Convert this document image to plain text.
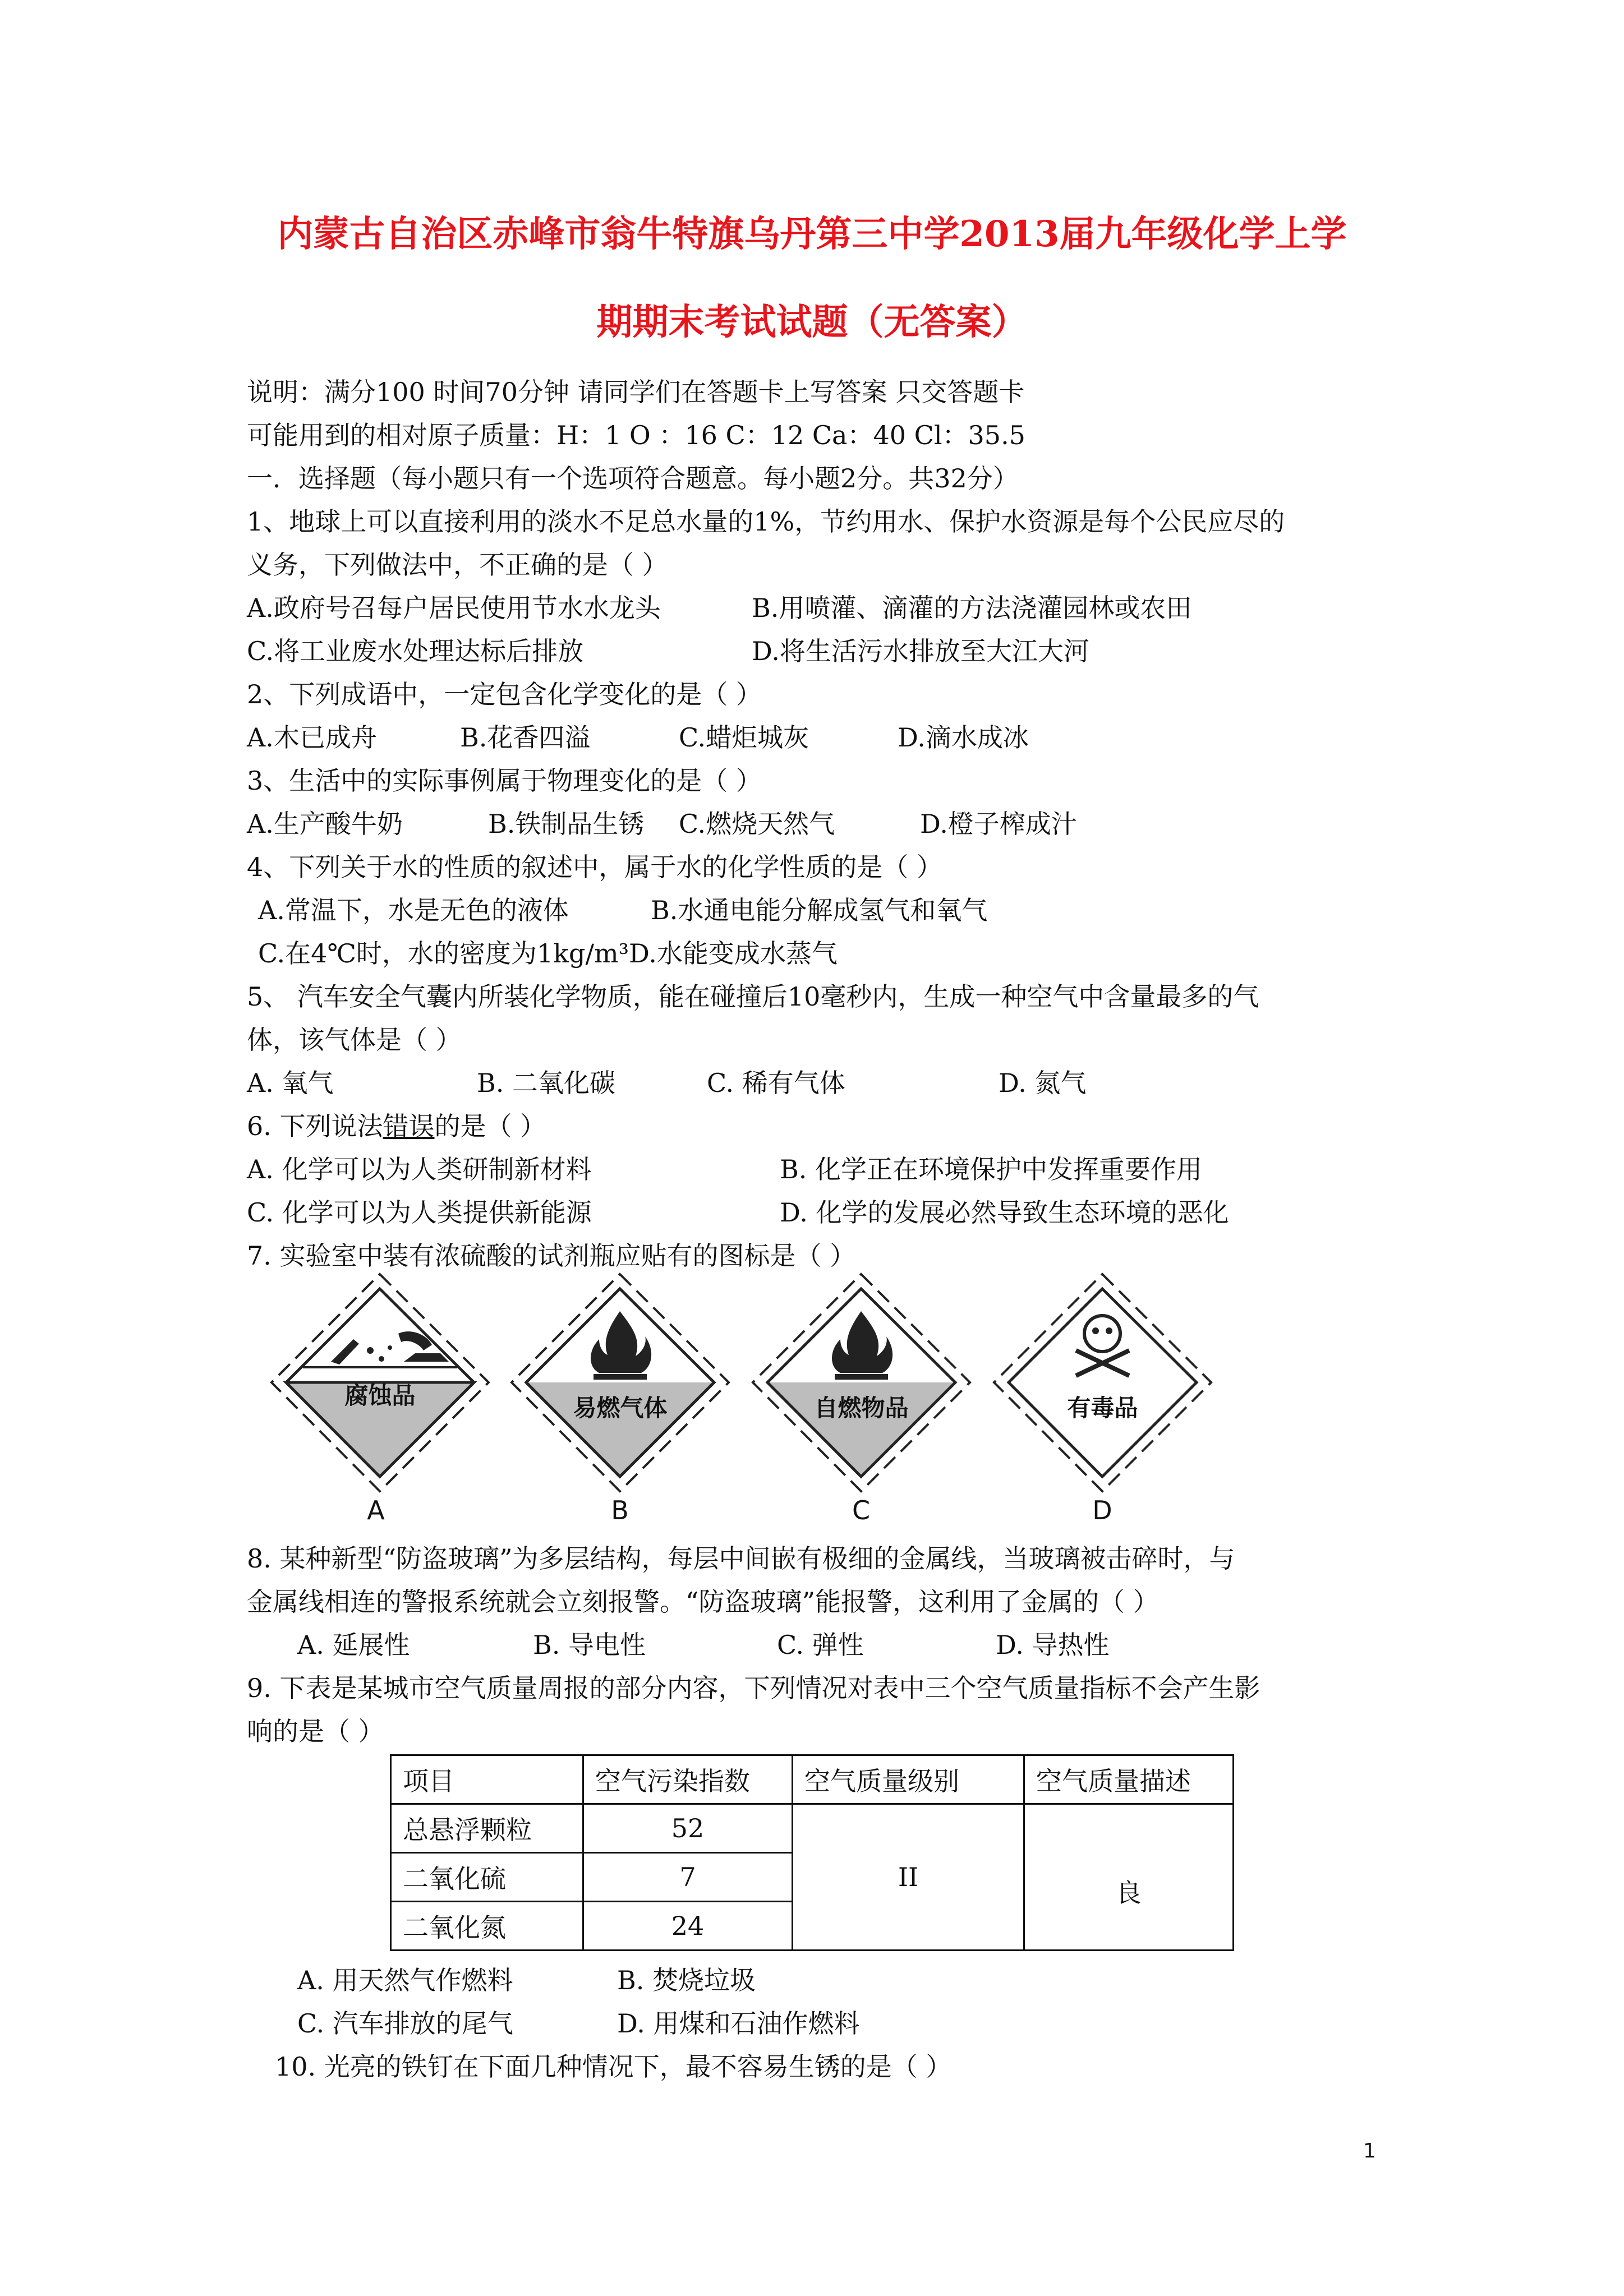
内蒙古自治区赤峰市翁牛特旗乌丹第三中学2013届九年级化学上学
期期末考试试题（无答案）
说明：满分100 时间70分钟 请同学们在答题卡上写答案 只交答题卡
可能用到的相对原子质量：H：1 O ：16 C：12 Ca：40 Cl：35.5
一．选择题（每小题只有一个选项符合题意。每小题2分。共32分）
1、地球上可以直接利用的淡水不足总水量的1%，节约用水、保护水资源是每个公民应尽的
义务，下列做法中，不正确的是（ ）
A.政府号召每户居民使用节水水龙头	B.用喷灌、滴灌的方法浇灌园林或农田
C.将工业废水处理达标后排放	D.将生活污水排放至大江大河
2、下列成语中，一定包含化学变化的是（ ）
A.木已成舟	B.花香四溢	C.蜡炬城灰	D.滴水成冰
3、生活中的实际事例属于物理变化的是（ ）
A.生产酸牛奶	B.铁制品生锈 C.燃烧天然气	D.橙子榨成汁
4、下列关于水的性质的叙述中，属于水的化学性质的是（ ）
A.常温下，水是无色的液体	B.水通电能分解成氢气和氧气
C.在4℃时，水的密度为1kg/m³D.水能变成水蒸气
5、 汽车安全气囊内所装化学物质，能在碰撞后10毫秒内，生成一种空气中含量最多的气
体，该气体是（ ）
A. 氧气	B. 二氧化碳	C. 稀有气体	D. 氮气
6. 下列说法错误的是（ ）
A. 化学可以为人类研制新材料	B. 化学正在环境保护中发挥重要作用
C. 化学可以为人类提供新能源	D. 化学的发展必然导致生态环境的恶化
7. 实验室中装有浓硫酸的试剂瓶应贴有的图标是（ ）
腐蚀品
A
易燃气体
B
自燃物品
C
有毒品
D
8. 某种新型“防盗玻璃”为多层结构，每层中间嵌有极细的金属线，当玻璃被击碎时，与
金属线相连的警报系统就会立刻报警。“防盗玻璃”能报警，这利用了金属的（ ）
A. 延展性	B. 导电性	C. 弹性	D. 导热性
9. 下表是某城市空气质量周报的部分内容，下列情况对表中三个空气质量指标不会产生影
响的是（ ）
项目	空气污染指数	空气质量级别	空气质量描述
总悬浮颗粒	52	II	良
二氧化硫	7		
二氧化氮	24		
A. 用天然气作燃料	B. 焚烧垃圾
C. 汽车排放的尾气	D. 用煤和石油作燃料
10. 光亮的铁钉在下面几种情况下，最不容易生锈的是（ ）
1
